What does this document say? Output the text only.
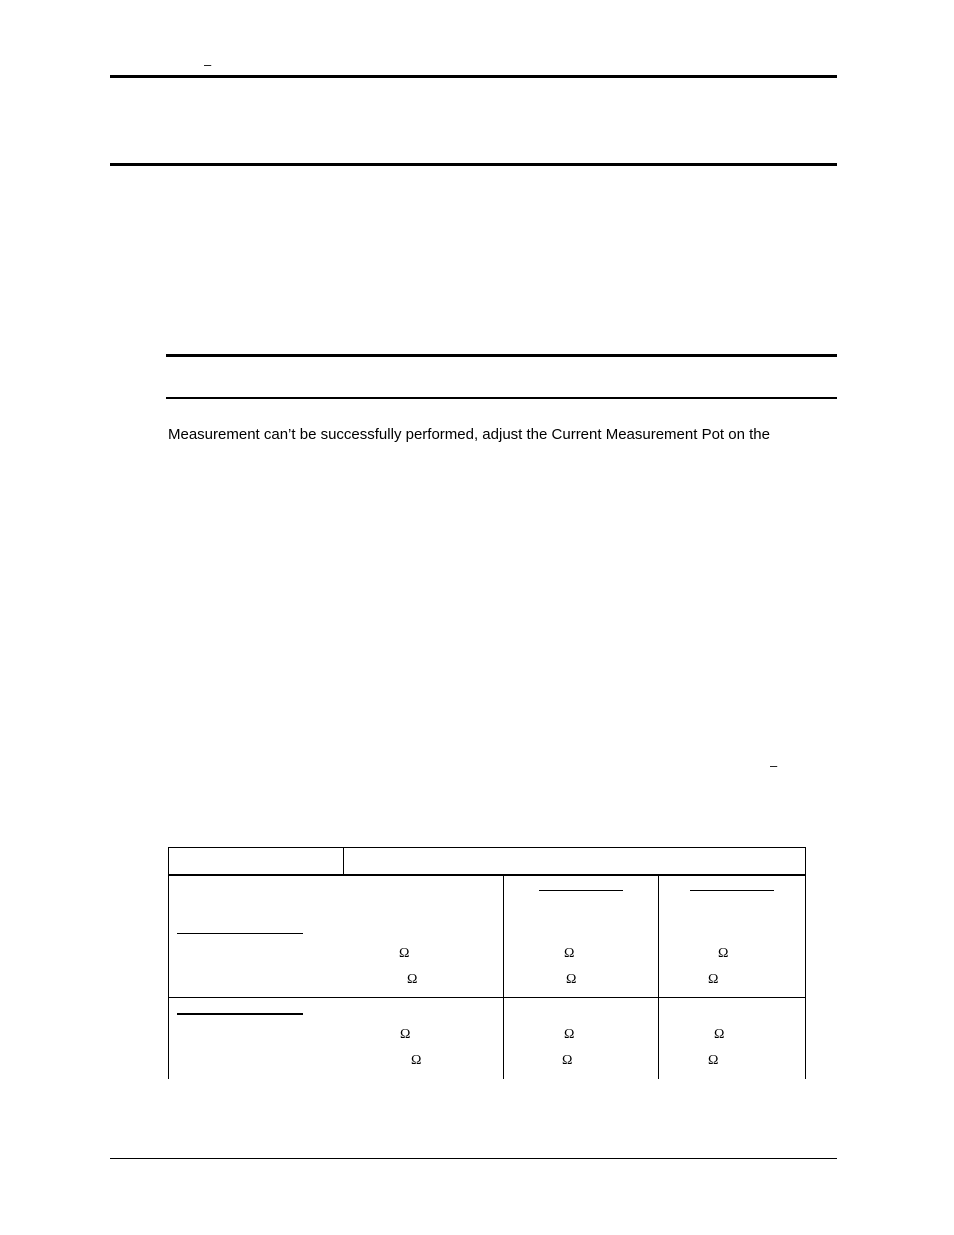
–
Measurement can’t be successfully performed, adjust the Current Measurement Pot on the
–
Ω	Ω	Ω
Ω	Ω	Ω
Ω	Ω	Ω
Ω	Ω	Ω
